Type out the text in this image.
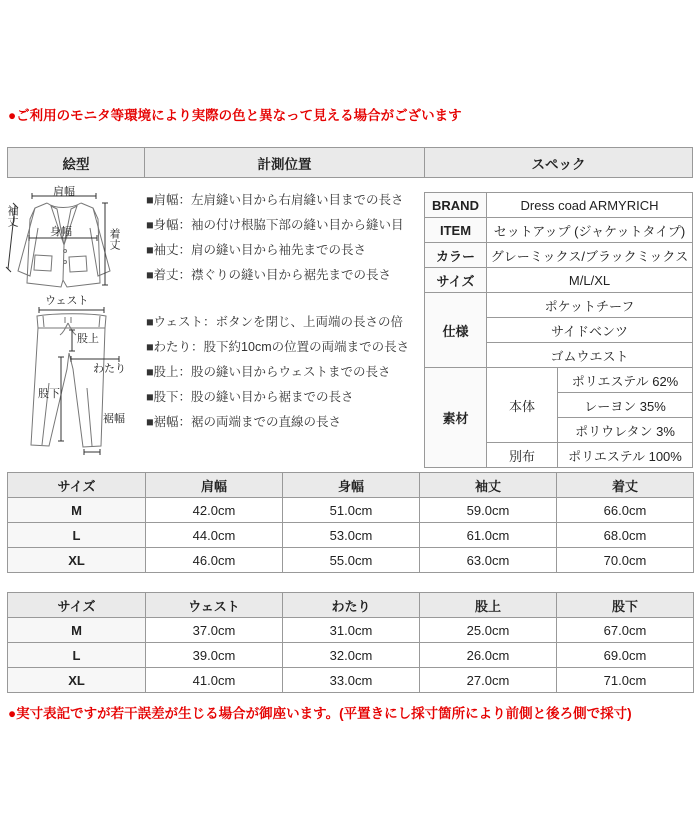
●ご利用のモニタ等環境により実際の色と異なって見える場合がございます
絵型	計測位置	スペック
肩幅
袖丈
身幅	着丈
ウェスト
股上
わたり
股下
裾幅
■肩幅：左肩縫い目から右肩縫い目までの長さ
■身幅：袖の付け根脇下部の縫い目から縫い目
■袖丈：肩の縫い目から袖先までの長さ
■着丈：襟ぐりの縫い目から裾先までの長さ
■ウェスト：ボタンを閉じ、上両端の長さの倍
■わたり：股下約10cmの位置の両端までの長さ
■股上：股の縫い目からウェストまでの長さ
■股下：股の縫い目から裾までの長さ
■裾幅：裾の両端までの直線の長さ
BRAND	Dress coad ARMYRICH	
ITEM	セットアップ (ジャケットタイプ)	
カラー	グレーミックス/ブラックミックス	
サイズ	M/L/XL	
仕様	ポケットチーフ	
	サイドベンツ	
	ゴムウエスト	
素材	本体	ポリエステル 62%
		レーヨン 35%
		ポリウレタン 3%
	別布	ポリエステル 100%
サイズ	肩幅	身幅	袖丈	着丈
M	42.0cm	51.0cm	59.0cm	66.0cm
L	44.0cm	53.0cm	61.0cm	68.0cm
XL	46.0cm	55.0cm	63.0cm	70.0cm
サイズ	ウェスト	わたり	股上	股下
M	37.0cm	31.0cm	25.0cm	67.0cm
L	39.0cm	32.0cm	26.0cm	69.0cm
XL	41.0cm	33.0cm	27.0cm	71.0cm
●実寸表記ですが若干誤差が生じる場合が御座います。(平置きにし採寸箇所により前側と後ろ側で採寸)
